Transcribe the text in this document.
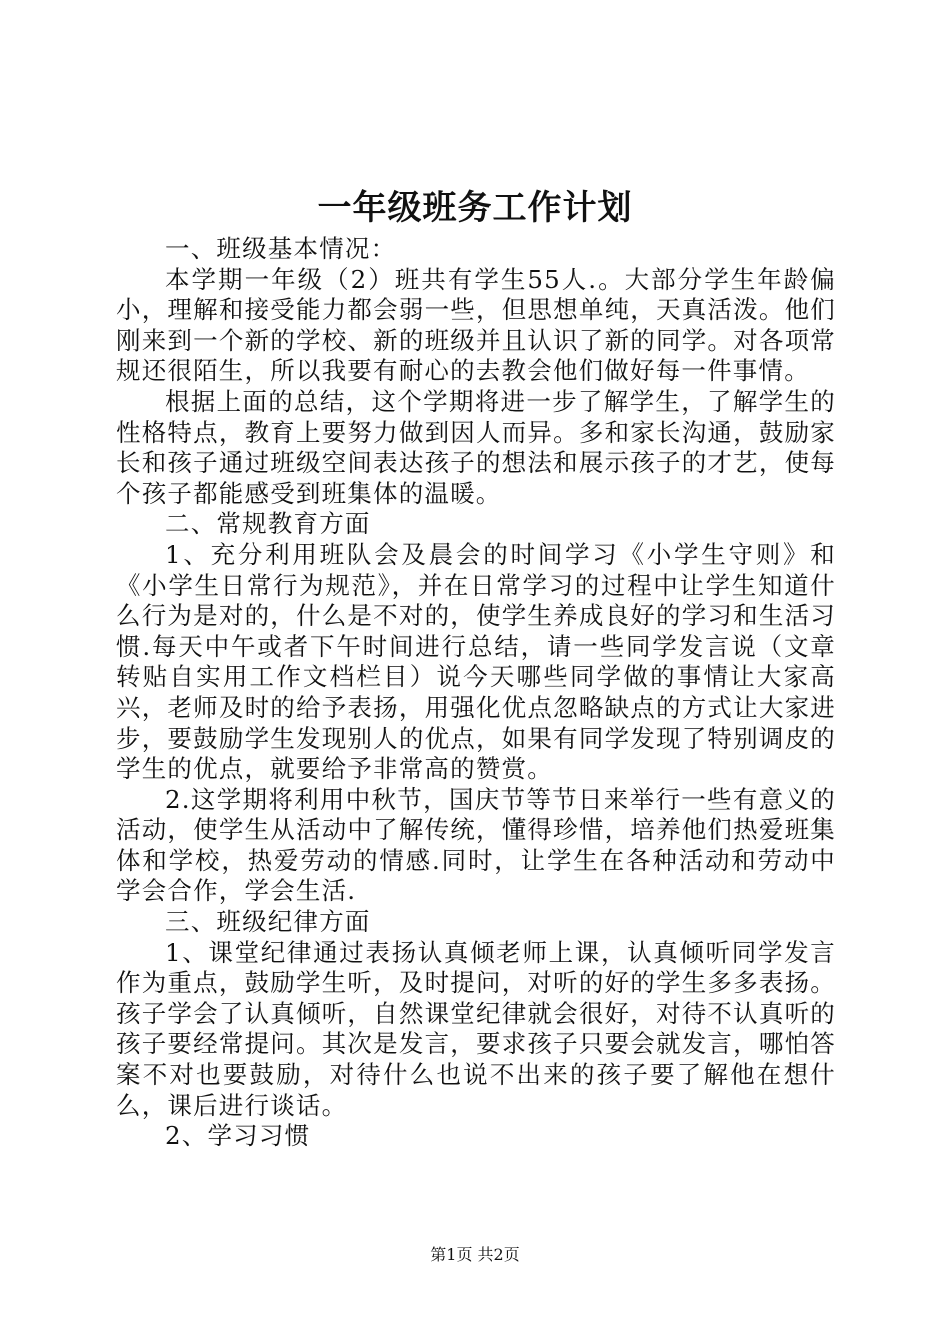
一年级班务工作计划

一、班级基本情况：

本学期一年级（2）班共有学生55人.。大部分学生年龄偏小，理解和接受能力都会弱一些，但思想单纯，天真活泼。他们刚来到一个新的学校、新的班级并且认识了新的同学。对各项常规还很陌生，所以我要有耐心的去教会他们做好每一件事情。

根据上面的总结，这个学期将进一步了解学生，了解学生的性格特点，教育上要努力做到因人而异。多和家长沟通，鼓励家长和孩子通过班级空间表达孩子的想法和展示孩子的才艺，使每个孩子都能感受到班集体的温暖。

二、常规教育方面

1、充分利用班队会及晨会的时间学习《小学生守则》和《小学生日常行为规范》，并在日常学习的过程中让学生知道什么行为是对的，什么是不对的，使学生养成良好的学习和生活习惯.每天中午或者下午时间进行总结，请一些同学发言说（文章转贴自实用工作文档栏目）说今天哪些同学做的事情让大家高兴，老师及时的给予表扬，用强化优点忽略缺点的方式让大家进步，要鼓励学生发现别人的优点，如果有同学发现了特别调皮的学生的优点，就要给予非常高的赞赏。

2.这学期将利用中秋节，国庆节等节日来举行一些有意义的活动，使学生从活动中了解传统，懂得珍惜，培养他们热爱班集体和学校，热爱劳动的情感.同时，让学生在各种活动和劳动中学会合作，学会生活.

三、班级纪律方面

1、课堂纪律通过表扬认真倾老师上课，认真倾听同学发言作为重点，鼓励学生听，及时提问，对听的好的学生多多表扬。孩子学会了认真倾听，自然课堂纪律就会很好，对待不认真听的孩子要经常提问。其次是发言，要求孩子只要会就发言，哪怕答案不对也要鼓励，对待什么也说不出来的孩子要了解他在想什么，课后进行谈话。

2、学习习惯

第1页 共2页
